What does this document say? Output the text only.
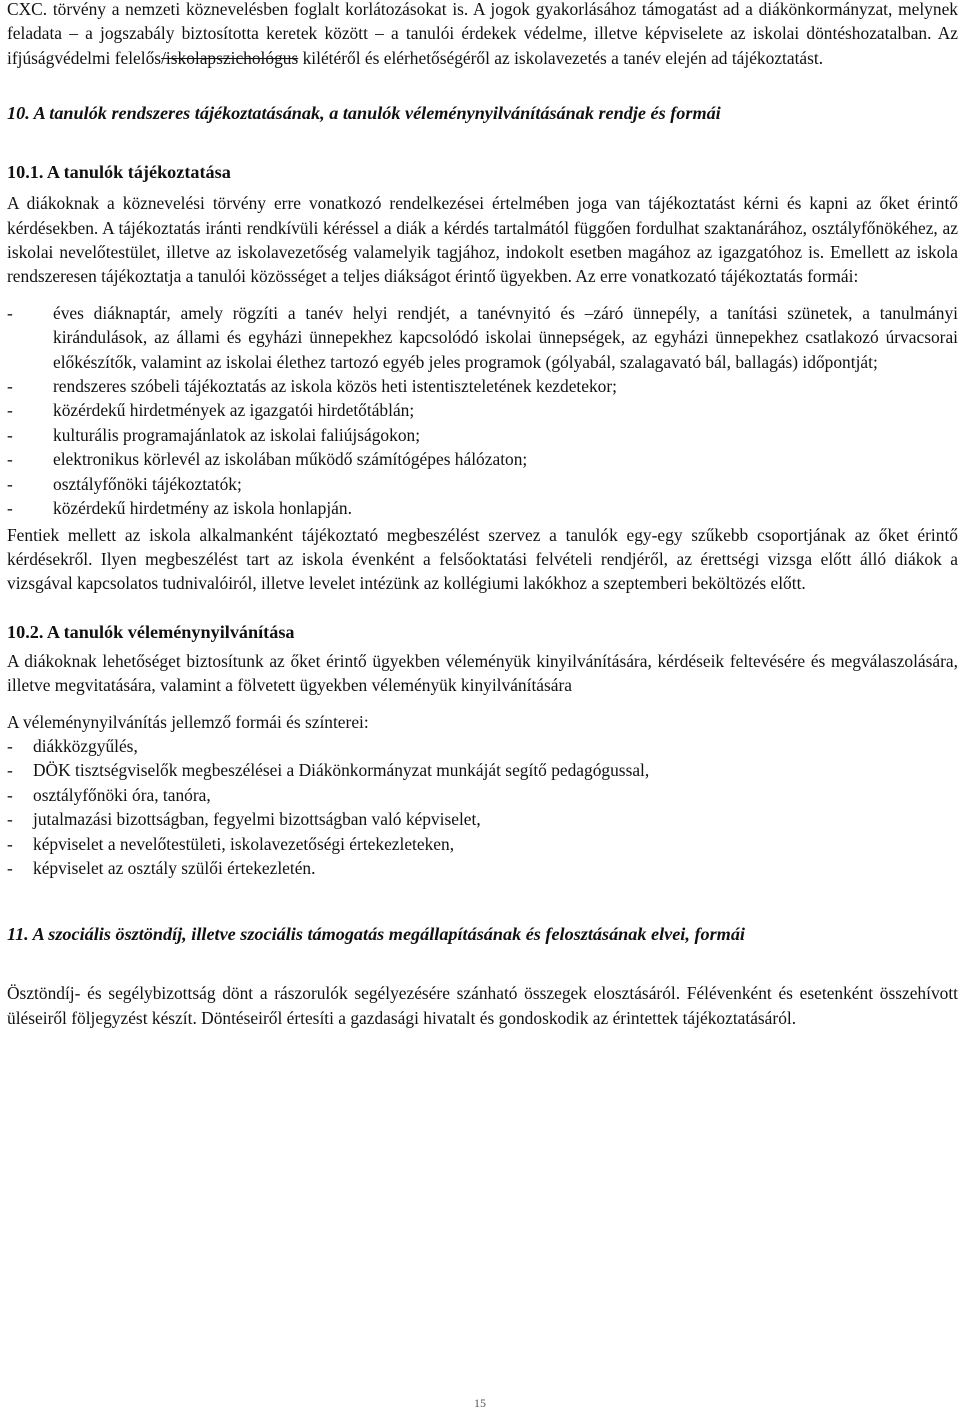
CXC. törvény a nemzeti köznevelésben foglalt korlátozásokat is. A jogok gyakorlásához támogatást ad a diákönkormányzat, melynek feladata – a jogszabály biztosította keretek között – a tanulói érdekek védelme, illetve képviselete az iskolai döntéshozatalban. Az ifjúságvédelmi felelős/iskolapszichológus kilétéről és elérhetőségéről az iskolavezetés a tanév elején ad tájékoztatást.

10. A tanulók rendszeres tájékoztatásának, a tanulók véleménynyilvánításának rendje és formái

10.1. A tanulók tájékoztatása

A diákoknak a köznevelési törvény erre vonatkozó rendelkezései értelmében joga van tájékoztatást kérni és kapni az őket érintő kérdésekben. A tájékoztatás iránti rendkívüli kéréssel a diák a kérdés tartalmától függően fordulhat szaktanárához, osztályfőnökéhez, az iskolai nevelőtestület, illetve az iskolavezetőség valamelyik tagjához, indokolt esetben magához az igazgatóhoz is. Emellett az iskola rendszeresen tájékoztatja a tanulói közösséget a teljes diákságot érintő ügyekben. Az erre vonatkozató tájékoztatás formái:

- éves diáknaptár, amely rögzíti a tanév helyi rendjét, a tanévnyitó és –záró ünnepély, a tanítási szünetek, a tanulmányi kirándulások, az állami és egyházi ünnepekhez kapcsolódó iskolai ünnepségek, az egyházi ünnepekhez csatlakozó úrvacsorai előkészítők, valamint az iskolai élethez tartozó egyéb jeles programok (gólyabál, szalagavató bál, ballagás) időpontját;
- rendszeres szóbeli tájékoztatás az iskola közös heti istentiszteletének kezdetekor;
- közérdekű hirdetmények az igazgatói hirdetőtáblán;
- kulturális programajánlatok az iskolai faliújságokon;
- elektronikus körlevél az iskolában működő számítógépes hálózaton;
- osztályfőnöki tájékoztatók;
- közérdekű hirdetmény az iskola honlapján.

Fentiek mellett az iskola alkalmanként tájékoztató megbeszélést szervez a tanulók egy-egy szűkebb csoportjának az őket érintő kérdésekről. Ilyen megbeszélést tart az iskola évenként a felsőoktatási felvételi rendjéről, az érettségi vizsga előtt álló diákok a vizsgával kapcsolatos tudnivalóiról, illetve levelet intézünk az kollégiumi lakókhoz a szeptemberi beköltözés előtt.

10.2. A tanulók véleménynyilvánítása

A diákoknak lehetőséget biztosítunk az őket érintő ügyekben véleményük kinyilvánítására, kérdéseik feltevésére és megválaszolására, illetve megvitatására, valamint a fölvetett ügyekben véleményük kinyilvánítására

A véleménynyilvánítás jellemző formái és színterei:

- diákközgyűlés,
- DÖK tisztségviselők megbeszélései a Diákönkormányzat munkáját segítő pedagógussal,
- osztályfőnöki óra, tanóra,
- jutalmazási bizottságban, fegyelmi bizottságban való képviselet,
- képviselet a nevelőtestületi, iskolavezetőségi értekezleteken,
- képviselet az osztály szülői értekezletén.

11. A szociális ösztöndíj, illetve szociális támogatás megállapításának és felosztásának elvei, formái

Ösztöndíj- és segélybizottság dönt a rászorulók segélyezésére szánható összegek elosztásáról. Félévenként és esetenként összehívott üléseiről följegyzést készít. Döntéseiről értesíti a gazdasági hivatalt és gondoskodik az érintettek tájékoztatásáról.

15
